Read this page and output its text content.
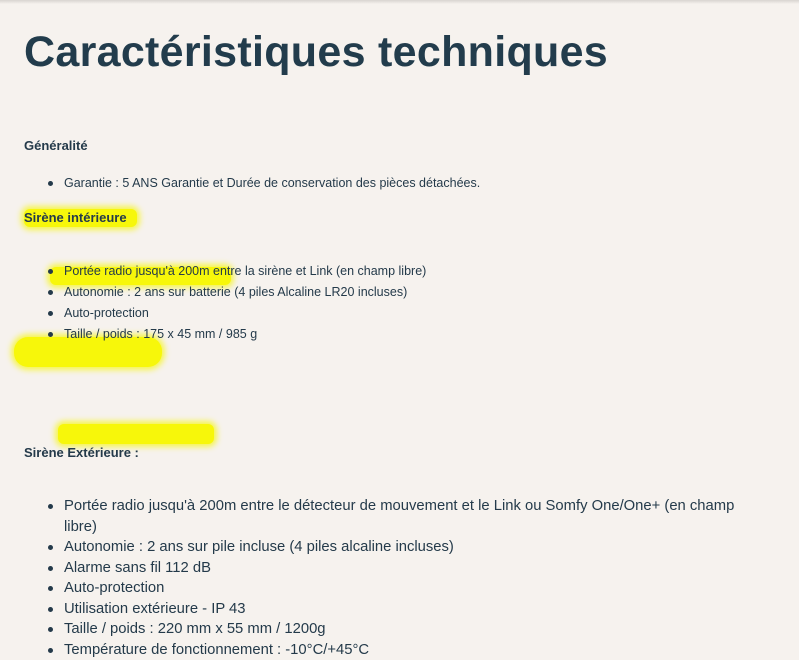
Caractéristiques techniques
Généralité
Garantie : 5 ANS Garantie et Durée de conservation des pièces détachées.
Sirène intérieure
Portée radio jusqu'à 200m entre la sirène et Link (en champ libre)
Autonomie : 2 ans sur batterie (4 piles Alcaline LR20 incluses)
Auto-protection
Taille / poids : 175 x 45 mm / 985 g
Sirène Extérieure :
Portée radio jusqu'à 200m entre le détecteur de mouvement et le Link ou Somfy One/One+ (en champ libre)
Autonomie : 2 ans sur pile incluse (4 piles alcaline incluses)
Alarme sans fil 112 dB
Auto-protection
Utilisation extérieure - IP 43
Taille / poids : 220 mm x 55 mm / 1200g
Température de fonctionnement : -10°C/+45°C
